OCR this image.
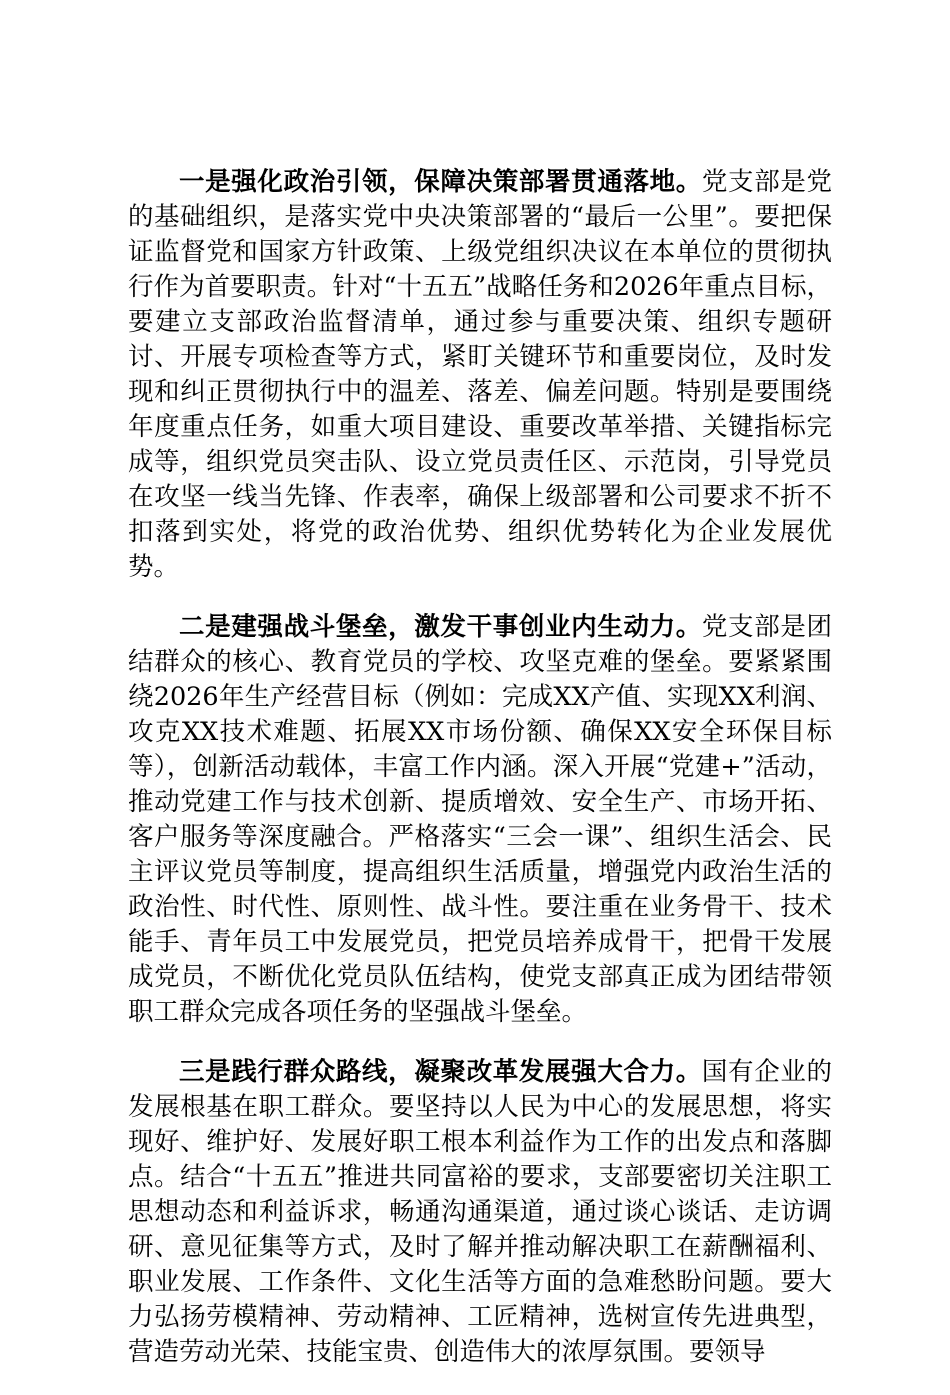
一是强化政治引领，保障决策部署贯通落地。党支部是党的基础组织，是落实党中央决策部署的“最后一公里”。要把保证监督党和国家方针政策、上级党组织决议在本单位的贯彻执行作为首要职责。针对“十五五”战略任务和2026年重点目标，要建立支部政治监督清单，通过参与重要决策、组织专题研讨、开展专项检查等方式，紧盯关键环节和重要岗位，及时发现和纠正贯彻执行中的温差、落差、偏差问题。特别是要围绕年度重点任务，如重大项目建设、重要改革举措、关键指标完成等，组织党员突击队、设立党员责任区、示范岗，引导党员在攻坚一线当先锋、作表率，确保上级部署和公司要求不折不扣落到实处，将党的政治优势、组织优势转化为企业发展优势。

二是建强战斗堡垒，激发干事创业内生动力。党支部是团结群众的核心、教育党员的学校、攻坚克难的堡垒。要紧紧围绕2026年生产经营目标（例如：完成XX产值、实现XX利润、攻克XX技术难题、拓展XX市场份额、确保XX安全环保目标等），创新活动载体，丰富工作内涵。深入开展“党建+”活动，推动党建工作与技术创新、提质增效、安全生产、市场开拓、客户服务等深度融合。严格落实“三会一课”、组织生活会、民主评议党员等制度，提高组织生活质量，增强党内政治生活的政治性、时代性、原则性、战斗性。要注重在业务骨干、技术能手、青年员工中发展党员，把党员培养成骨干，把骨干发展成党员，不断优化党员队伍结构，使党支部真正成为团结带领职工群众完成各项任务的坚强战斗堡垒。

三是践行群众路线，凝聚改革发展强大合力。国有企业的发展根基在职工群众。要坚持以人民为中心的发展思想，将实现好、维护好、发展好职工根本利益作为工作的出发点和落脚点。结合“十五五”推进共同富裕的要求，支部要密切关注职工思想动态和利益诉求，畅通沟通渠道，通过谈心谈话、走访调研、意见征集等方式，及时了解并推动解决职工在薪酬福利、职业发展、工作条件、文化生活等方面的急难愁盼问题。要大力弘扬劳模精神、劳动精神、工匠精神，选树宣传先进典型，营造劳动光荣、技能宝贵、创造伟大的浓厚氛围。要领导
